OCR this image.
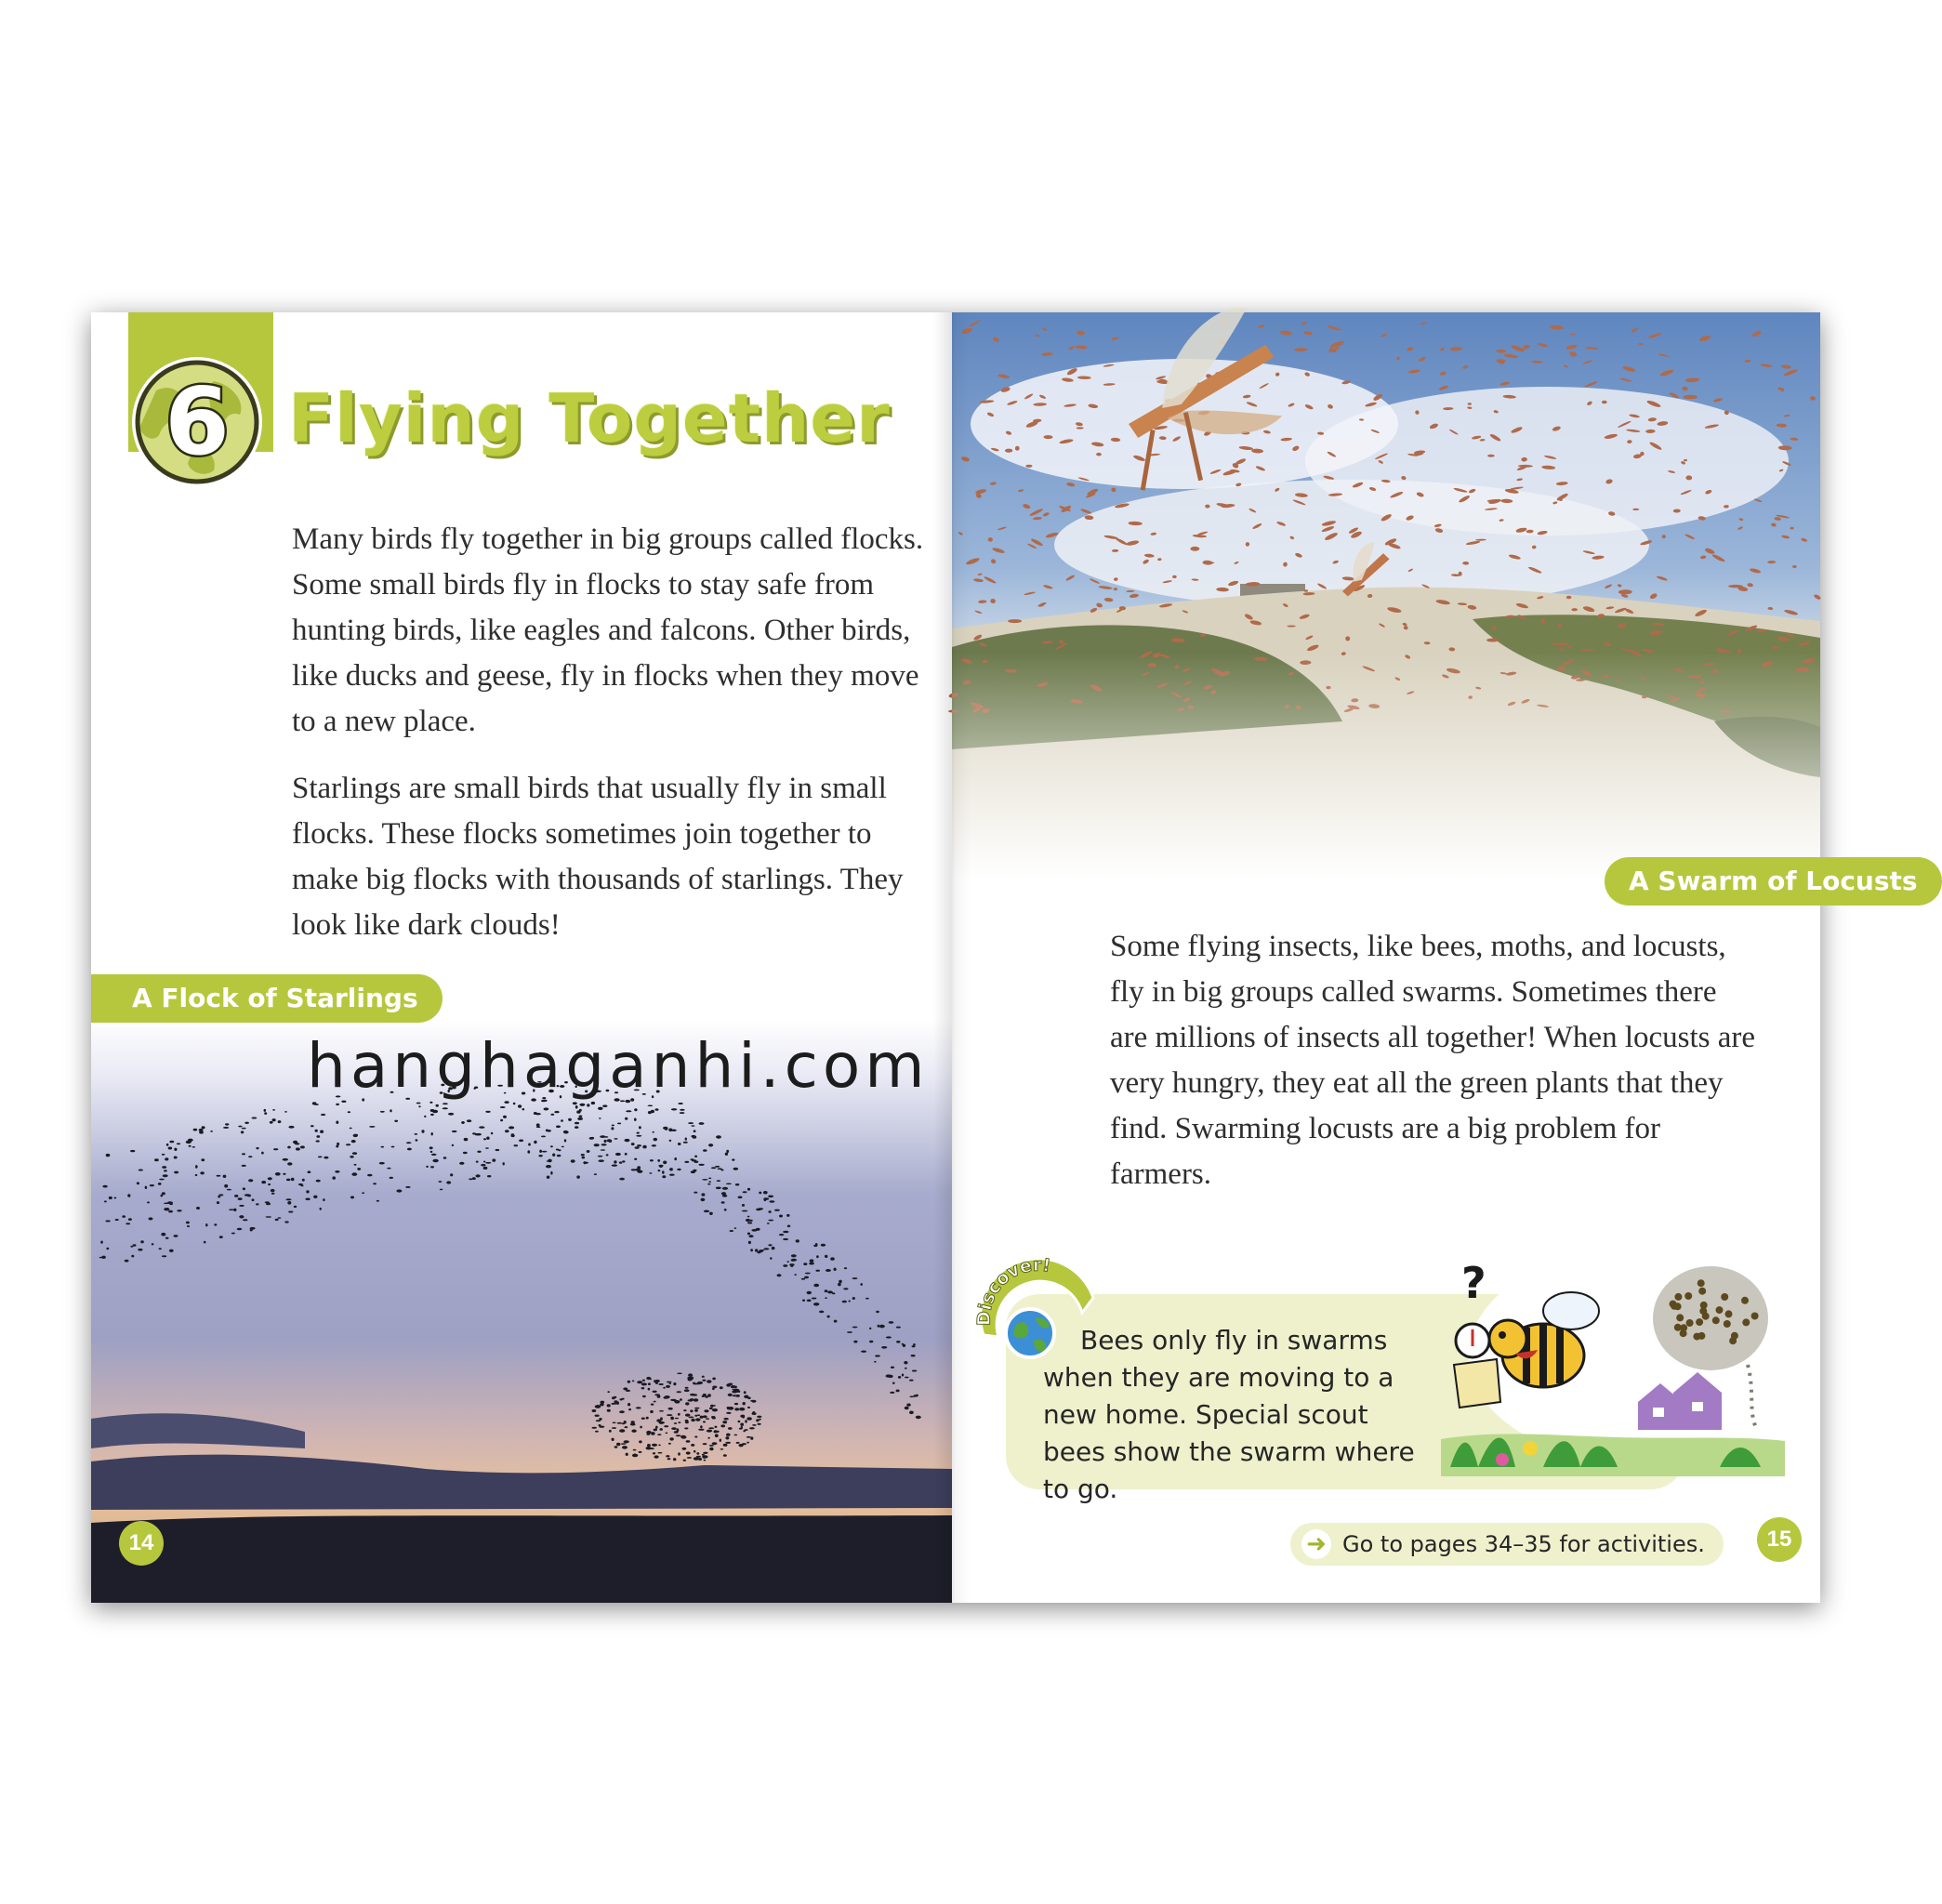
6 Flying Together

Many birds fly together in big groups called flocks. Some small birds fly in flocks to stay safe from hunting birds, like eagles and falcons. Other birds, like ducks and geese, fly in flocks when they move to a new place.

Starlings are small birds that usually fly in small flocks. These flocks sometimes join together to make big flocks with thousands of starlings. They look like dark clouds!

A Flock of Starlings
14
A Swarm of Locusts

Some flying insects, like bees, moths, and locusts, fly in big groups called swarms. Sometimes there are millions of insects all together! When locusts are very hungry, they eat all the green plants that they find. Swarming locusts are a big problem for farmers.

Discover!

Bees only fly in swarms when they are moving to a new home. Special scout bees show the swarm where to go.

?
➜ Go to pages 34–35 for activities.	15

hanghaganhi.com
